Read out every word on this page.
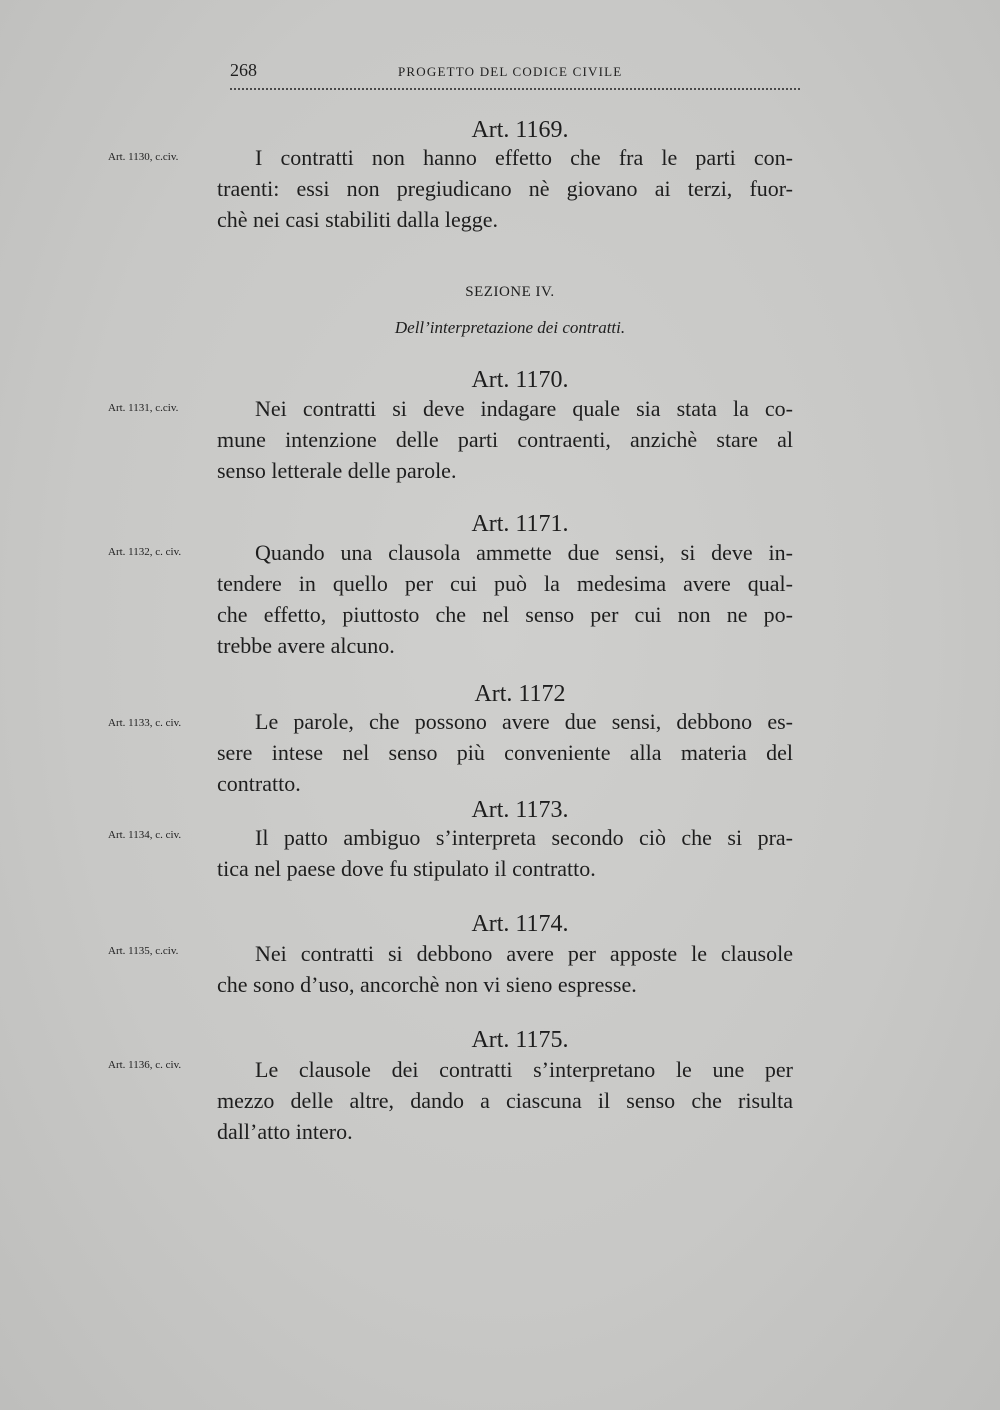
268	PROGETTO DEL CODICE CIVILE
Art. 1169.
Art. 1130, c.civ.	I contratti non hanno effetto che fra le parti con-
traenti: essi non pregiudicano nè giovano ai terzi, fuor-
chè nei casi stabiliti dalla legge.
SEZIONE IV.
Dell’interpretazione dei contratti.
Art. 1170.
Art. 1131, c.civ.	Nei contratti si deve indagare quale sia stata la co-
mune intenzione delle parti contraenti, anzichè stare al
senso letterale delle parole.
Art. 1171.
Art. 1132, c. civ.	Quando una clausola ammette due sensi, si deve in-
tendere in quello per cui può la medesima avere qual-
che effetto, piuttosto che nel senso per cui non ne po-
trebbe avere alcuno.
Art. 1172
Art. 1133, c. civ.	Le parole, che possono avere due sensi, debbono es-
sere intese nel senso più conveniente alla materia del
contratto.
Art. 1173.
Art. 1134, c. civ.	Il patto ambiguo s’interpreta secondo ciò che si pra-
tica nel paese dove fu stipulato il contratto.
Art. 1174.
Art. 1135, c.civ.	Nei contratti si debbono avere per apposte le clausole
che sono d’uso, ancorchè non vi sieno espresse.
Art. 1175.
Art. 1136, c. civ.	Le clausole dei contratti s’interpretano le une per
mezzo delle altre, dando a ciascuna il senso che risulta
dall’atto intero.
